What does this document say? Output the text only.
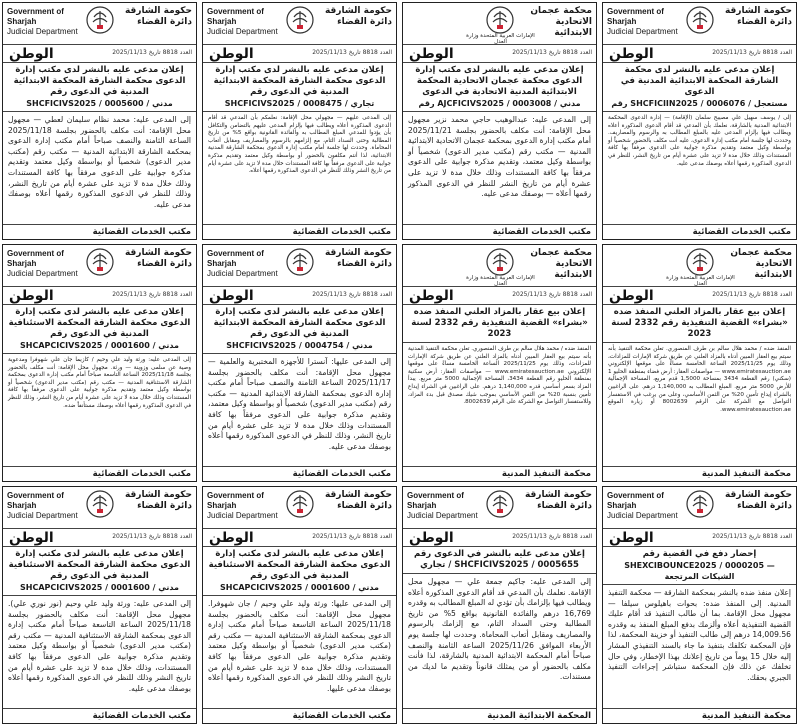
حكومة الشارقة
دائرة القضاء
Government of Sharjah
Judicial Department
الوطن	العدد 8818 تاريخ 2025/11/13
إعلان مدعى عليه بالنشر لدى محكمة الشارقة المحكمة الابتدائية المدنية في الدعوى
رقم SHCFICIIN2025 / 0006076 / مستعجل
إلى / يوسف سهيل علي مصيبح سلمان (الإقامة) — إدارة الدعوى المحكمة الابتدائية المدنية بالشارقة، نعلمك بأن المدعي قد أقام الدعوى المذكورة أعلاه ويطالب فيها بإلزام المدعى عليه بالمبلغ المطالب به والرسوم والمصاريف. وحددت لها جلسة أمام مكتب إدارة الدعوى، عليه أنت مكلف بالحضور شخصياً أو بواسطة وكيل معتمد وتقديم مذكرة جوابية على الدعوى مرفقاً بها كافة المستندات وذلك خلال مدة لا تزيد على عشرة أيام من تاريخ النشر، للنظر في الدعوى المذكورة رقمها أعلاه بوصفك مدعى عليه.
مكتب الخدمات القضائية
الإمارات العربية المتحدة وزارة العدل
محكمة عجمان الاتحادية الابتدائية
الوطن	العدد 8818 تاريخ 2025/11/13
إعلان مدعى عليه بالنشر لدى مكتب إدارة الدعوى محكمة عجمان الاتحادية المحكمة الابتدائية المدنية الاتحادية في الدعوى
رقم AJCFICIVS2025 / 0003008 / مدني
إلى المدعى عليه: عبدالوهيب حاجي محمد نزير مجهول محل الإقامة: أنت مكلف بالحضور بجلسة 2025/11/21 أمام مكتب إدارة الدعوى بمحكمة عجمان الاتحادية الابتدائية المدنية — مكتب رقم (مكتب مدير الدعوى) شخصياً أو بواسطة وكيل معتمد، وتقديم مذكرة جوابية على الدعوى مرفقاً بها كافة المستندات وذلك خلال مدة لا تزيد على عشرة أيام من تاريخ النشر للنظر في الدعوى المذكور رقمها أعلاه — بوصفك مدعى عليه.
مكتب الخدمات القضائية
حكومة الشارقة
دائرة القضاء
Government of Sharjah
Judicial Department
الوطن	العدد 8818 تاريخ 2025/11/13
إعلان مدعى عليه بالنشر لدى مكتب إدارة الدعوى محكمة الشارقة المحكمة الابتدائية المدنية في الدعوى رقم
SHCFICIVS2025 / 0008475 / تجاري
إلى المدعى عليهم — مجهولي محل الإقامة: نعلمكم بأن المدعي قد أقام الدعوى المذكورة أعلاه ويطالب فيها بإلزام المدعى عليهم بالتضامن والتكافل بأن يؤدوا للمدعي المبلغ المطالب به والفائدة القانونية بواقع 5% من تاريخ المطالبة وحتى السداد التام، مع إلزامهم بالرسوم والمصاريف ومقابل أتعاب المحاماة. وحددت لها جلسة أمام مكتب إدارة الدعوى بمحكمة الشارقة المدنية الابتدائية، لذا أنتم مكلفون بالحضور أو بواسطة وكيل معتمد وتقديم مذكرة جوابية على الدعوى مرفقاً بها كافة المستندات خلال مدة لا تزيد على عشرة أيام من تاريخ النشر وذلك للنظر في الدعوى المذكورة رقمها أعلاه.
مكتب الخدمات القضائية
حكومة الشارقة
دائرة القضاء
Government of Sharjah
Judicial Department
الوطن	العدد 8818 تاريخ 2025/11/13
إعلان مدعى عليه بالنشر لدى مكتب إدارة الدعوى محكمة الشارقة المحكمة الابتدائية المدنية في الدعوى رقم
SHCFICIVS2025 / 0005600 / مدني
إلى المدعى عليه: محمد نظام سليمان لعطي — مجهول محل الإقامة: أنت مكلف بالحضور بجلسة 2025/11/18 الساعة الثامنة والنصف صباحاً أمام مكتب إدارة الدعوى بمحكمة الشارقة الابتدائية المدنية — مكتب رقم (مكتب مدير الدعوى) شخصياً أو بواسطة وكيل معتمد وتقديم مذكرة جوابية على الدعوى مرفقاً بها كافة المستندات وذلك خلال مدة لا تزيد على عشرة أيام من تاريخ النشر، وذلك للنظر في الدعوى المذكورة رقمها أعلاه بوصفك مدعى عليه.
مكتب الخدمات القضائية
الإمارات العربية المتحدة وزارة العدل
محكمة عجمان الاتحادية الابتدائية
الوطن	العدد 8818 تاريخ 2025/11/13
إعلان بيع عقار بالمزاد العلني المنفذ ضده «بشراء» القضية التنفيذية رقم 2332 لسنة 2023
المنفذ ضده / محمد هلال سالم بن طرف المنصوري. تعلن محكمة التنفيذ بأنه سيتم بيع العقار المبين أدناه بالمزاد العلني عن طريق شركة الإمارات للمزادات، وذلك يوم 2025/11/25 الساعة الخامسة مساءً على موقعها الإلكتروني www.emiratesauction.ae — مواصفات العقار: أرض فضاء بمنطقة الحليو 1 (سكني) رقم القطعة 3434 بمساحة 1,5000 قدم مربع، المساحة الإجمالية للأرض 5000 متر مربع. المبلغ المطالب به 1,140,000 درهم. على الراغبين بالشراء إيداع تأمين 20% من الثمن الأساسي، وعلى من يرغب في الاستفسار التواصل مع الشركة على الرقم 8002639 أو زيارة الموقع www.emiratesauction.ae.
محكمة التنفيذ المدنية
الإمارات العربية المتحدة وزارة العدل
محكمة عجمان الاتحادية الابتدائية
الوطن	العدد 8818 تاريخ 2025/11/13
إعلان بيع عقار بالمزاد العلني المنفذ ضده «بشراء» القضية التنفيذية رقم 2332 لسنة 2023
المنفذ ضده / محمد هلال سالم بن طرف المنصوري. تعلن محكمة التنفيذ المدنية بأنه سيتم بيع العقار المبين أدناه بالمزاد العلني عن طريق شركة الإمارات للمزادات، وذلك يوم 2025/11/25 الساعة الخامسة مساءً على موقعها الإلكتروني www.emiratesauction.ae — مواصفات العقار: أرض سكنية بمنطقة الحليو رقم القطعة 3434، المساحة الإجمالية 5000 متر مربع. يبدأ المزاد بسعر أساسي قدره 1,140,000 درهم. على الراغبين في الشراء إيداع تأمين بنسبة 20% من الثمن الأساسي بموجب شيك مصدق قبل بدء المزاد، وللاستفسار التواصل مع الشركة على الرقم 8002639.
محكمة التنفيذ المدنية
حكومة الشارقة
دائرة القضاء
Government of Sharjah
Judicial Department
الوطن	العدد 8818 تاريخ 2025/11/13
إعلان مدعى عليه بالنشر لدى مكتب إدارة الدعوى محكمة الشارقة المحكمة الابتدائية المدنية في الدعوى رقم
SHCFICIVS2025 / 0004754 / مدني
إلى المدعى عليها: آنسترا للأجهزة المختبرية والعلمية — مجهول محل الإقامة: أنت مكلف بالحضور بجلسة 2025/11/17 الساعة الثامنة والنصف صباحاً أمام مكتب إدارة الدعوى بمحكمة الشارقة الابتدائية المدنية — مكتب رقم (مكتب مدير الدعوى) شخصياً أو بواسطة وكيل معتمد، وتقديم مذكرة جوابية على الدعوى مرفقاً بها كافة المستندات وذلك خلال مدة لا تزيد على عشرة أيام من تاريخ النشر، وذلك للنظر في الدعوى المذكورة رقمها أعلاه بوصفك مدعى عليه.
مكتب الخدمات القضائية
حكومة الشارقة
دائرة القضاء
Government of Sharjah
Judicial Department
الوطن	العدد 8818 تاريخ 2025/11/13
إعلان مدعى عليه بالنشر لدى مكتب إدارة الدعوى محكمة الشارقة المحكمة الاستئنافية المدنية في الدعوى رقم
SHCAPCICIVS2025 / 0001600 / مدني
إلى المدعى عليه: ورثة وليد علي وحيم / كازيما جان علي شهوفرا ومدعوية وصية عن سلمى وزوينة — ورثة. مجهول محل الإقامة: أنت مكلف بالحضور بجلسة 2025/11/18 الساعة التاسعة صباحاً أمام مكتب إدارة الدعوى بمحكمة الشارقة الاستئنافية المدنية — مكتب رقم (مكتب مدير الدعوى) شخصياً أو بواسطة وكيل معتمد وتقديم مذكرة جوابية على الدعوى مرفقاً بها كافة المستندات وذلك خلال مدة لا تزيد على عشرة أيام من تاريخ النشر، وذلك للنظر في الدعوى المذكورة رقمها أعلاه بوصفك مستأنفاً ضده.
مكتب الخدمات القضائية
حكومة الشارقة
دائرة القضاء
Government of Sharjah
Judicial Department
الوطن	العدد 8818 تاريخ 2025/11/13
إحضار دفع في القضية رقم
SHEXCIBOUNCE2025 / 0000205 — الشيكات المرتجعة
إعلان منفذ ضده بالنشر بمحكمة الشارقة — محكمة التنفيذ المدنية. إلى المنفذ ضده: بحوات باهيلوس سيلفا — مجهول محل الإقامة. بما أن طالب التنفيذ قد أقام عليك القضية التنفيذية أعلاه وألزمك بدفع المبلغ المنفذ به وقدره 14,009.56 درهم إلى طالب التنفيذ أو خزينة المحكمة، لذا فإن المحكمة تكلفك بتنفيذ ما جاء بالسند التنفيذي المشار إليه خلال 15 يوماً من تاريخ إعلانك بهذا الإخطار، وفي حال تخلفك عن ذلك فإن المحكمة ستباشر إجراءات التنفيذ الجبري بحقك.
محكمة التنفيذ المدنية
حكومة الشارقة
دائرة القضاء
Government of Sharjah
Judicial Department
الوطن	العدد 8818 تاريخ 2025/11/13
إعلان مدعى عليه بالنشر في الدعوى رقم SHCFICIVS2025 / 0005655 / تجاري
إلى المدعى عليه: جاكيم جمعة علي — مجهول محل الإقامة. نعلمك بأن المدعي قد أقام الدعوى المذكورة أعلاه ويطالب فيها بإلزامك بأن تؤدي له المبلغ المطالب به وقدره 16,769 درهم والفائدة القانونية بواقع 5% من تاريخ المطالبة وحتى السداد التام، مع إلزامك بالرسوم والمصاريف ومقابل أتعاب المحاماة. وحددت لها جلسة يوم الأربعاء الموافق 2025/11/26 الساعة الثامنة والنصف صباحاً أمام المحكمة الابتدائية المدنية بالشارقة، لذا فأنت مكلف بالحضور أو من يمثلك قانوناً وتقديم ما لديك من مستندات.
المحكمة الابتدائية المدنية
حكومة الشارقة
دائرة القضاء
Government of Sharjah
Judicial Department
الوطن	العدد 8818 تاريخ 2025/11/13
إعلان مدعى عليه بالنشر لدى مكتب إدارة الدعوى محكمة الشارقة المحكمة الاستئنافية المدنية في الدعوى رقم
SHCAPCICIVS2025 / 0001600 / مدني
إلى المدعى عليها: ورثة وليد علي وحيم / جان شهوفرا. مجهول محل الإقامة: أنت مكلف بالحضور بجلسة 2025/11/18 الساعة التاسعة صباحاً أمام مكتب إدارة الدعوى بمحكمة الشارقة الاستئنافية المدنية — مكتب رقم (مكتب مدير الدعوى) شخصياً أو بواسطة وكيل معتمد وتقديم مذكرة جوابية على الدعوى مرفقاً بها كافة المستندات، وذلك خلال مدة لا تزيد على عشرة أيام من تاريخ النشر وذلك للنظر في الدعوى المذكورة رقمها أعلاه بوصفك مدعى عليها.
مكتب الخدمات القضائية
حكومة الشارقة
دائرة القضاء
Government of Sharjah
Judicial Department
الوطن	العدد 8818 تاريخ 2025/11/13
إعلان مدعى عليه بالنشر لدى مكتب إدارة الدعوى محكمة الشارقة المحكمة الاستئنافية المدنية في الدعوى رقم
SHCAPCICIVS2025 / 0001600 / مدني
إلى المدعى عليه: ورثة وليد علي وحيم (نور نوري علي). مجهول محل الإقامة: أنت مكلف بالحضور بجلسة 2025/11/18 الساعة التاسعة صباحاً أمام مكتب إدارة الدعوى بمحكمة الشارقة الاستئنافية المدنية — مكتب رقم (مكتب مدير الدعوى) شخصياً أو بواسطة وكيل معتمد وتقديم مذكرة جوابية على الدعوى مرفقاً بها كافة المستندات، وذلك خلال مدة لا تزيد على عشرة أيام من تاريخ النشر وذلك للنظر في الدعوى المذكورة رقمها أعلاه بوصفك مدعى عليه.
مكتب الخدمات القضائية
